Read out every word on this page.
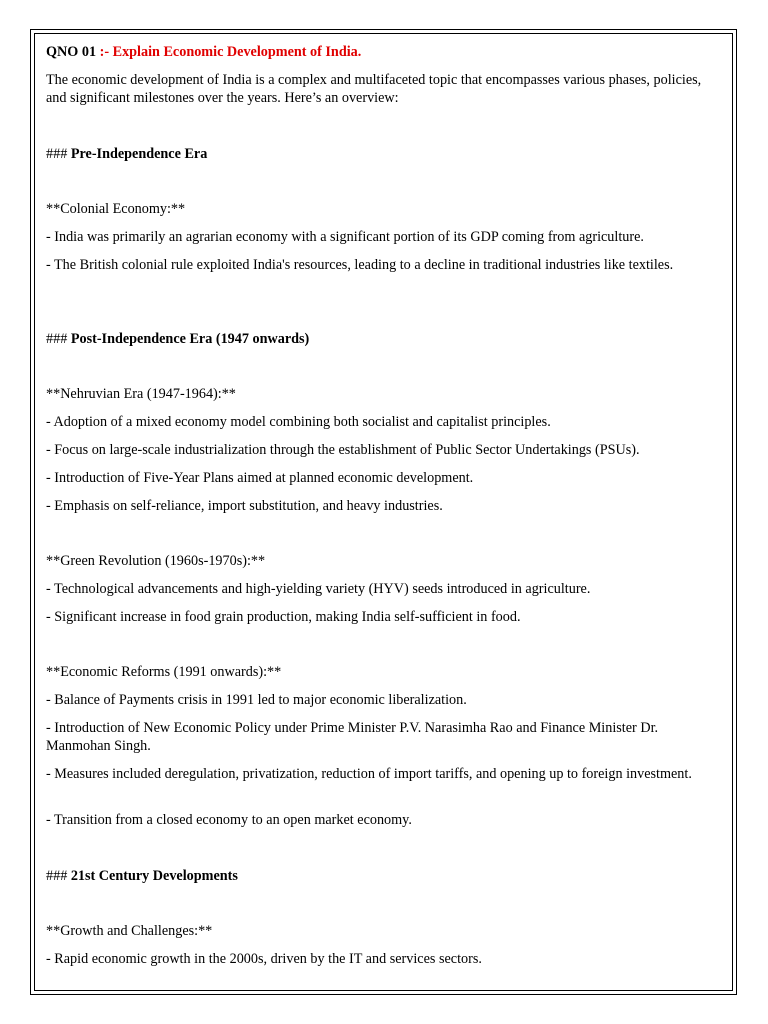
QNO 01 :- Explain Economic Development of India.
The economic development of India is a complex and multifaceted topic that encompasses various phases, policies, and significant milestones over the years. Here’s an overview:
### Pre-Independence Era
**Colonial Economy:**
- India was primarily an agrarian economy with a significant portion of its GDP coming from agriculture.
- The British colonial rule exploited India's resources, leading to a decline in traditional industries like textiles.
### Post-Independence Era (1947 onwards)
**Nehruvian Era (1947-1964):**
- Adoption of a mixed economy model combining both socialist and capitalist principles.
- Focus on large-scale industrialization through the establishment of Public Sector Undertakings (PSUs).
- Introduction of Five-Year Plans aimed at planned economic development.
- Emphasis on self-reliance, import substitution, and heavy industries.
**Green Revolution (1960s-1970s):**
- Technological advancements and high-yielding variety (HYV) seeds introduced in agriculture.
- Significant increase in food grain production, making India self-sufficient in food.
**Economic Reforms (1991 onwards):**
- Balance of Payments crisis in 1991 led to major economic liberalization.
- Introduction of New Economic Policy under Prime Minister P.V. Narasimha Rao and Finance Minister Dr. Manmohan Singh.
- Measures included deregulation, privatization, reduction of import tariffs, and opening up to foreign investment.
- Transition from a closed economy to an open market economy.
### 21st Century Developments
**Growth and Challenges:**
- Rapid economic growth in the 2000s, driven by the IT and services sectors.
